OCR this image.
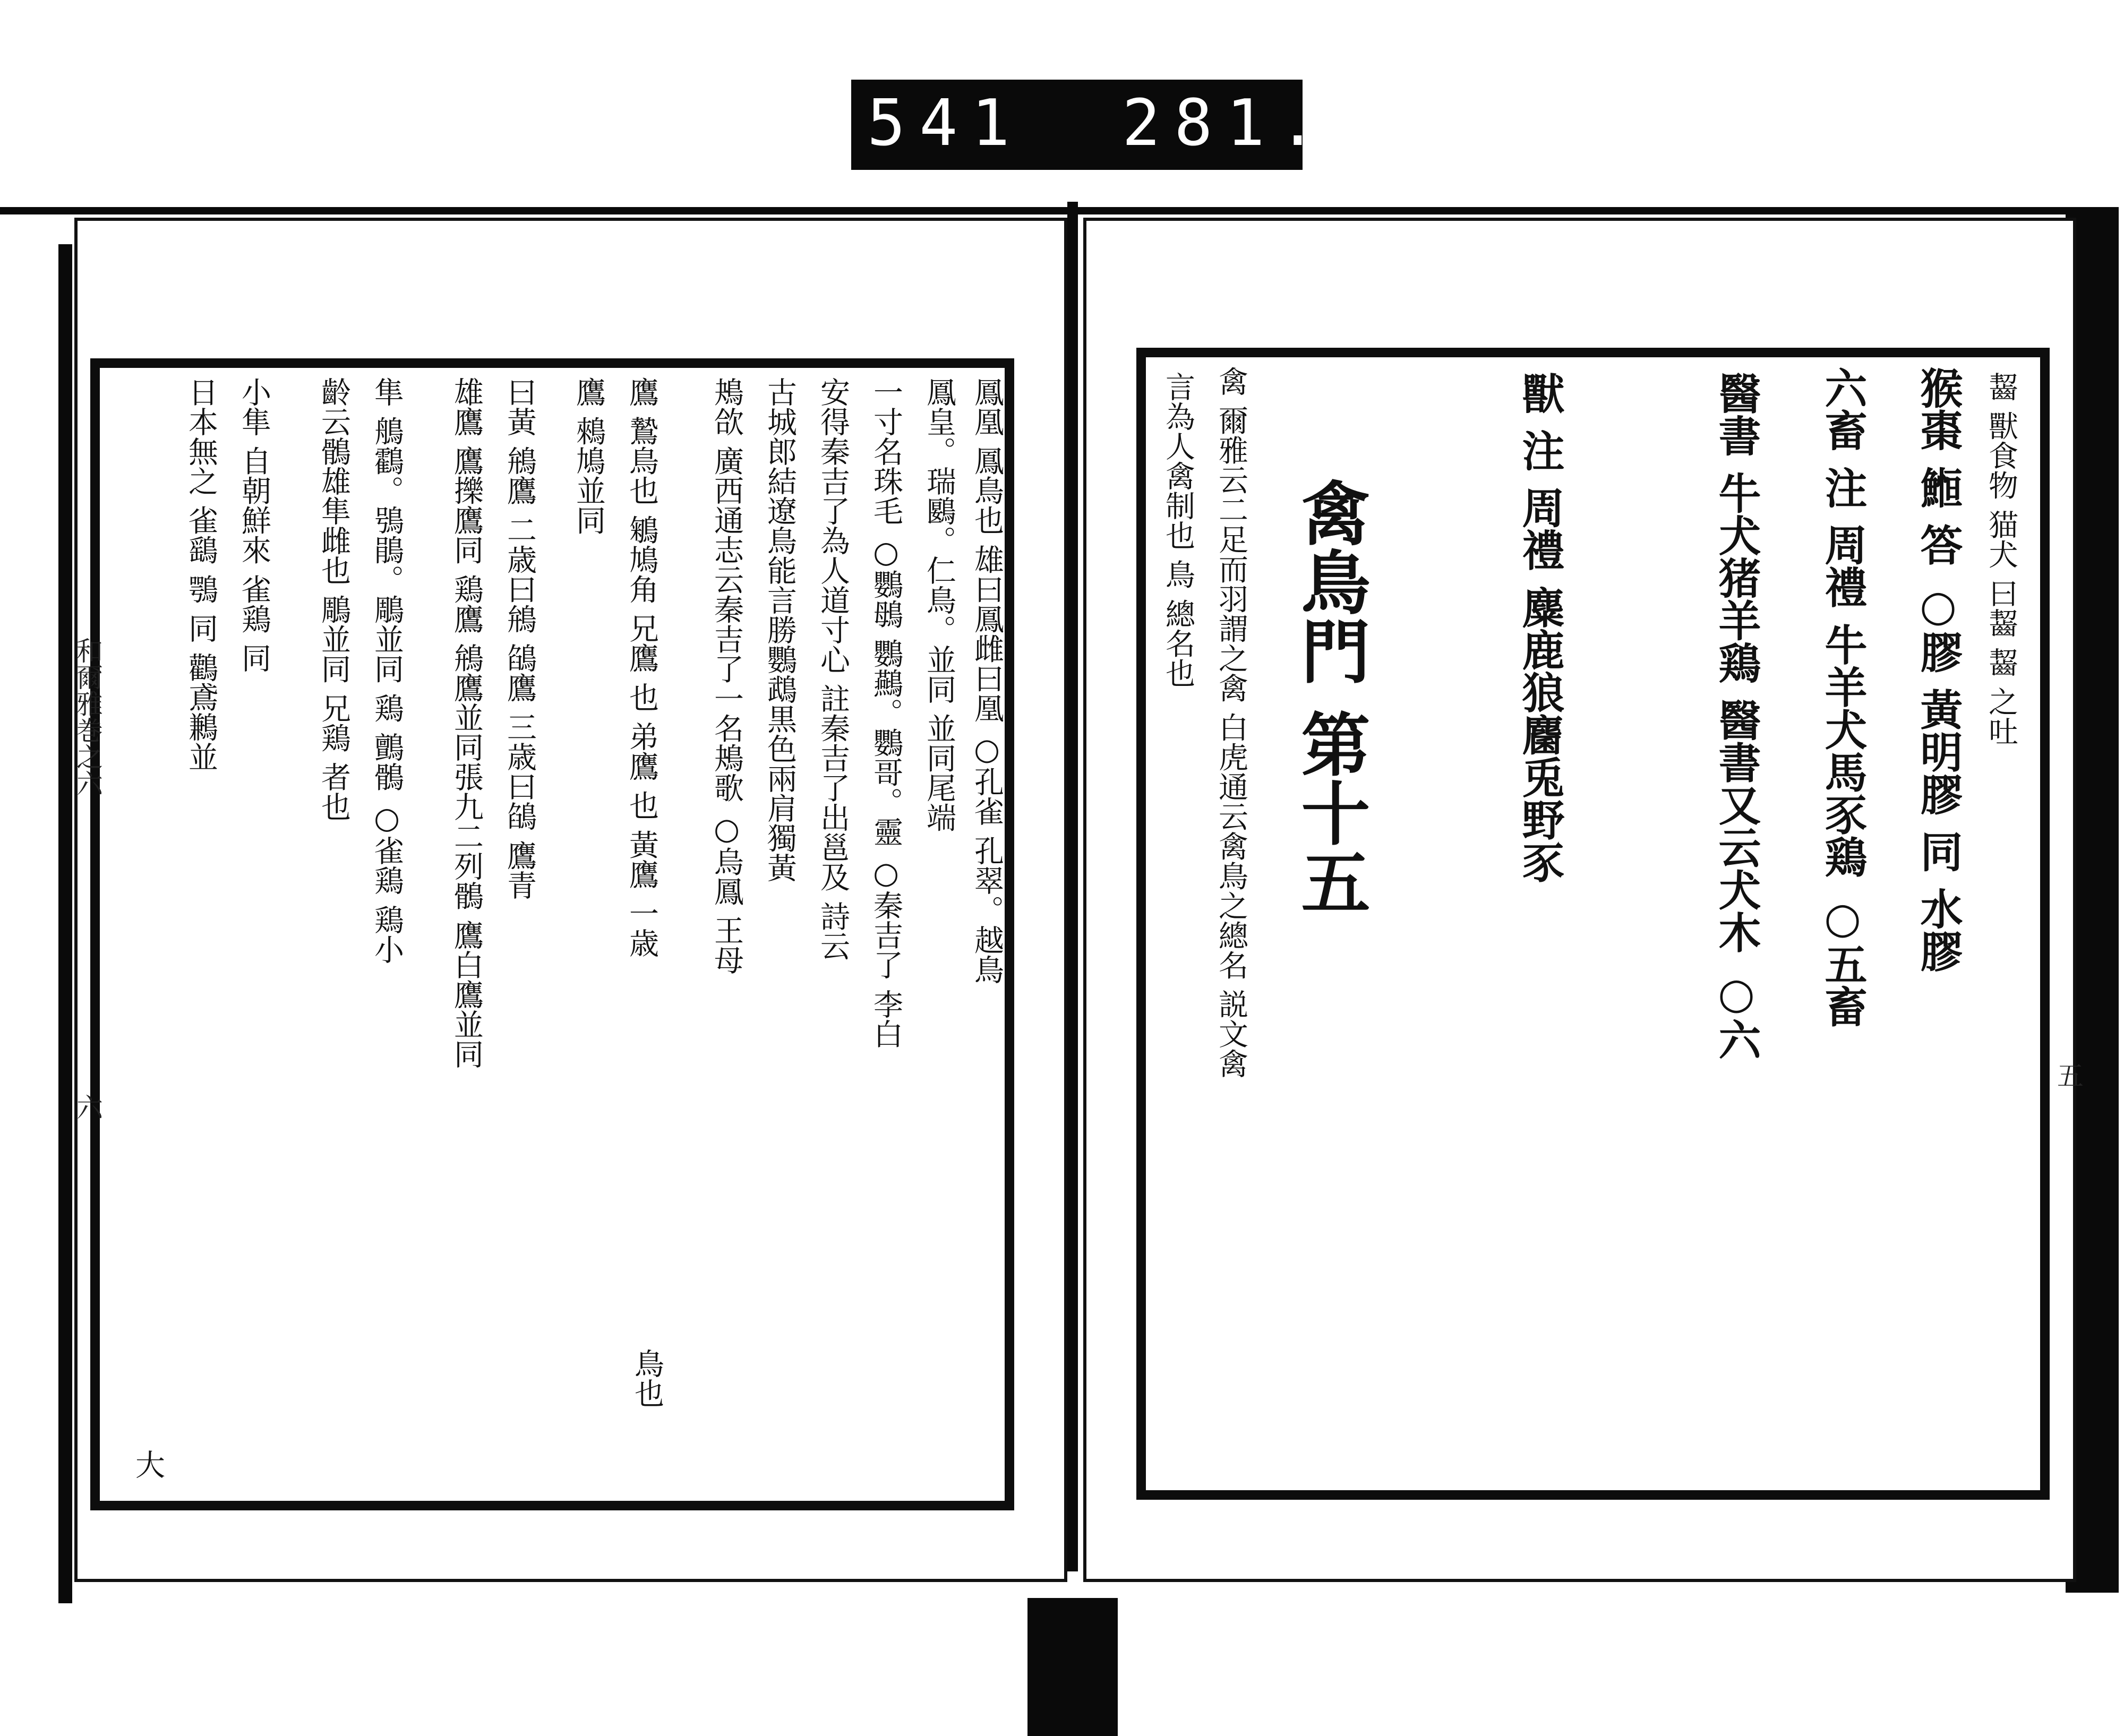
541 281.
和爾雅巻之六
六
鳳凰 鳳鳥也 雄曰鳳雌曰凰 ○孔雀 孔翠。越鳥
鳳皇。瑞鶠。仁鳥。並同 並同尾端
一寸名珠毛 ○鸚䳇 鸚䴏。鸚哥。靈 ○秦吉了 李白
安得秦吉了為人道寸心 註秦吉了出邕及 詩云
古城郎結遼鳥能言勝鸚鵡黒色兩肩獨黃
鴂欱 廣西通志云秦吉了一名鴂歌 ○烏鳳 王母
鳥也
鷹 鷙鳥也 鵴鳩角 兄鷹 也 弟鷹 也 黃鷹 一歳
鷹 鶆鳩並同
曰黃 鴘鷹 二歳曰鴘 鵮鷹 三歳曰鵮 鷹青
雄鷹 鷹擽鷹同 鶏鷹 鴘鷹並同張九二列鶻 鷹白鷹並同
隼 鵃鸖。鴞鵑。鵰並同 鶏 鸇鶻 ○雀鶏 鶏小
齡云鶻雄隼雌也 鵰並同 兄鶏 者也
小隼 自朝鮮來 雀鶏 同
日本無之 雀鷂 鶚 同 鸛鳶鶼並
大
五
齧 獸食物 猫犬 曰齧 齧 之吐
猴棗 䱴 答 ○膠 黃明膠 同 水膠
六畜 注 周禮 牛羊犬馬豕鶏 ○五畜
醫書 牛犬猪羊鶏 醫書又云犬木 ○六
獸 注 周禮 麋鹿狼麕兎野豕
禽鳥門 第十五
禽 爾雅云二足而羽謂之禽 白虎通云禽鳥之總名 説文禽
言為人禽制也 鳥 總名也
